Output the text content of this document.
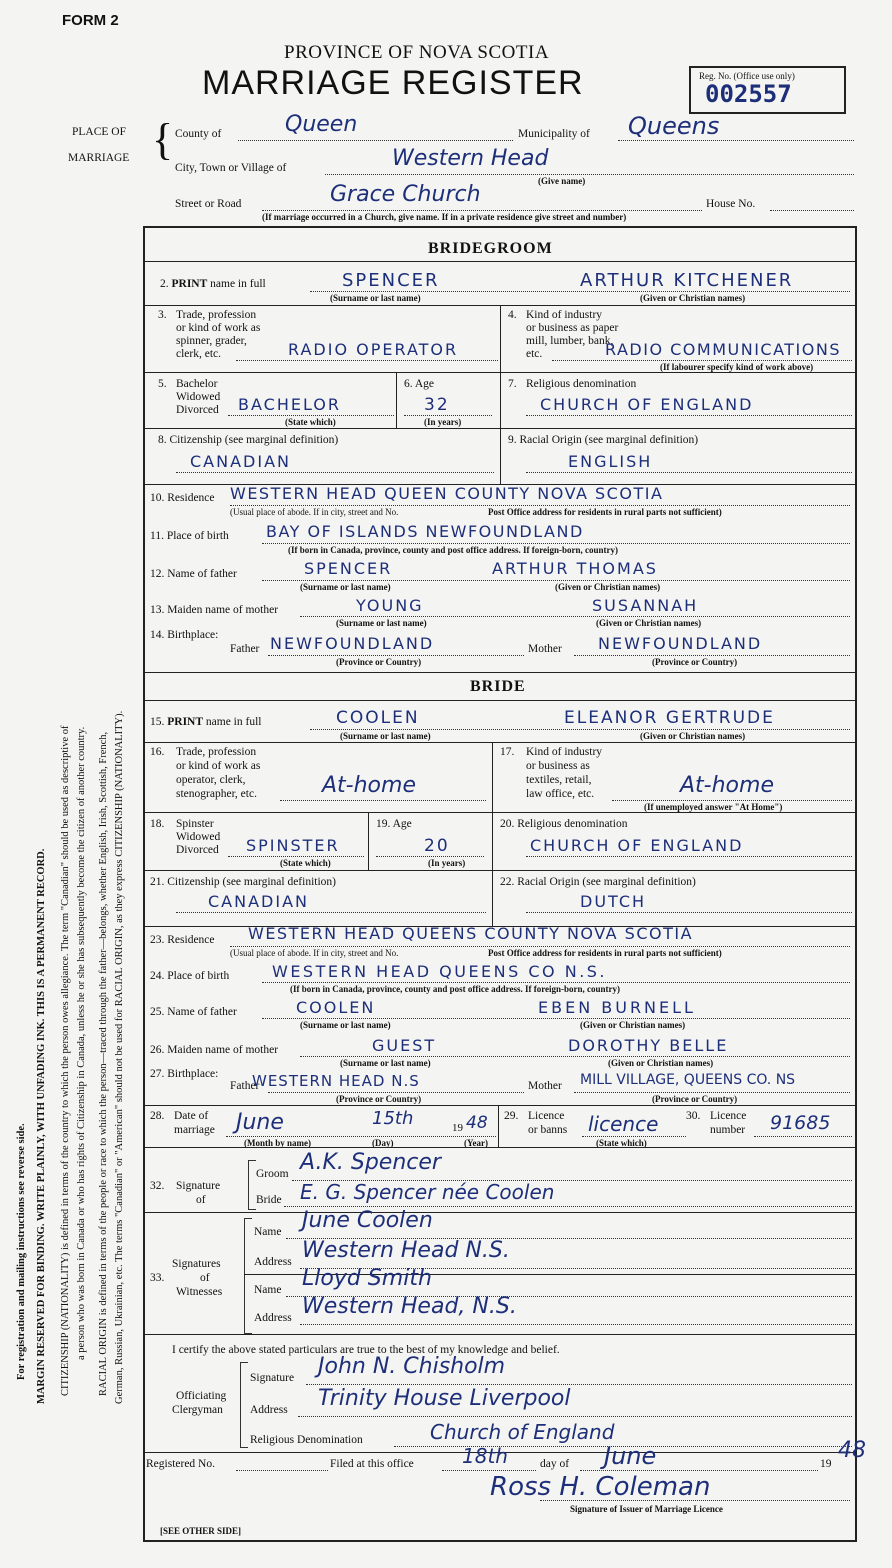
FORM 2
PROVINCE OF NOVA SCOTIA
MARRIAGE REGISTER	Reg. No. (Office use only)
002557
For registration and mailing instructions see reverse side. MARGIN RESERVED FOR BINDING. WRITE PLAINLY, WITH UNFADING INK. THIS IS A PERMANENT RECORD. CITIZENSHIP (NATIONALITY) is defined in terms of the country to which the person owes allegiance. The term "Canadian" should be used as descriptive of a person who was born in Canada or who has rights of Citizenship in Canada, unless he or she has subsequently become the citizen of another country. RACIAL ORIGIN is defined in terms of the people or race to which the person—traced through the father—belongs, whether English, Irish, Scottish, French, German, Russian, Ukrainian, etc. The terms "Canadian" or "American" should not be used for RACIAL ORIGIN, as they express CITIZENSHIP (NATIONALITY).
PLACE OF
MARRIAGE { County of	Queen	Municipality of Queens
City, Town or Village of	Western Head
(Give name)
Street or Road	Grace Church	House No.
(If marriage occurred in a Church, give name. If in a private residence give street and number)
BRIDEGROOM
2. PRINT name in full	SPENCER	ARTHUR KITCHENER
(Surname or last name)	(Given or Christian names)
3. Trade, profession
or kind of work as
spinner, grader,
clerk, etc.	RADIO OPERATOR
4. Kind of industry
or business as paper
mill, lumber, bank,
etc.	RADIO COMMUNICATIONS
(If labourer specify kind of work above)
5. Bachelor
Widowed
Divorced BACHELOR
(State which)
6. Age
32
(In years)
7. Religious denomination
CHURCH OF ENGLAND
8. Citizenship (see marginal definition)
CANADIAN
9. Racial Origin (see marginal definition)
ENGLISH
10. Residence WESTERN HEAD QUEEN COUNTY NOVA SCOTIA
(Usual place of abode. If in city, street and No.	Post Office address for residents in rural parts not sufficient)
11. Place of birth BAY OF ISLANDS NEWFOUNDLAND
(If born in Canada, province, county and post office address. If foreign-born, country)
12. Name of father	SPENCER	ARTHUR THOMAS
(Surname or last name)	(Given or Christian names)
13. Maiden name of mother	YOUNG	SUSANNAH
(Surname or last name)	(Given or Christian names)
14. Birthplace:
Father NEWFOUNDLAND
(Province or Country)
Mother NEWFOUNDLAND
(Province or Country)
BRIDE
15. PRINT name in full	COOLEN	ELEANOR GERTRUDE
(Surname or last name)	(Given or Christian names)
16. Trade, profession
or kind of work as
operator, clerk,
stenographer, etc.	At-home
17. Kind of industry
or business as
textiles, retail,
law office, etc.	At-home
(If unemployed answer "At Home")
18. Spinster
Widowed
Divorced SPINSTER
(State which)
19. Age
20
(In years)
20. Religious denomination
CHURCH OF ENGLAND
21. Citizenship (see marginal definition)
CANADIAN
22. Racial Origin (see marginal definition)
DUTCH
23. Residence WESTERN HEAD QUEENS COUNTY NOVA SCOTIA
(Usual place of abode. If in city, street and No.	Post Office address for residents in rural parts not sufficient)
24. Place of birth	WESTERN HEAD QUEENS CO N.S.
(If born in Canada, province, county and post office address. If foreign-born, country)
25. Name of father	COOLEN	EBEN BURNELL
(Surname or last name)	(Given or Christian names)
26. Maiden name of mother	GUEST	DOROTHY BELLE
(Surname or last name)	(Given or Christian names)
27. Birthplace:
Father
WESTERN HEAD N.S
(Province or Country)
Mother MILL VILLAGE, QUEENS CO. NS
(Province or Country)
28. Date of
marriage June	15th	19 48
(Month by name)	(Day)	(Year)
29. Licence
or banns licence
(State which)
30. Licence
number 91685
32. Signature
of
Groom A.K. Spencer
Bride E. G. Spencer née Coolen
33.
Signatures
of
Witnesses
Name June Coolen
Address Western Head N.S.
Name Lloyd Smith
Address Western Head, N.S.
I certify the above stated particulars are true to the best of my knowledge and belief.
Officiating
Clergyman
Signature John N. Chisholm
Address Trinity House Liverpool
Religious Denomination	Church of England
Registered No.	Filed at this office 18th	day of June	19
48
Ross H. Coleman
Signature of Issuer of Marriage Licence
[SEE OTHER SIDE]
